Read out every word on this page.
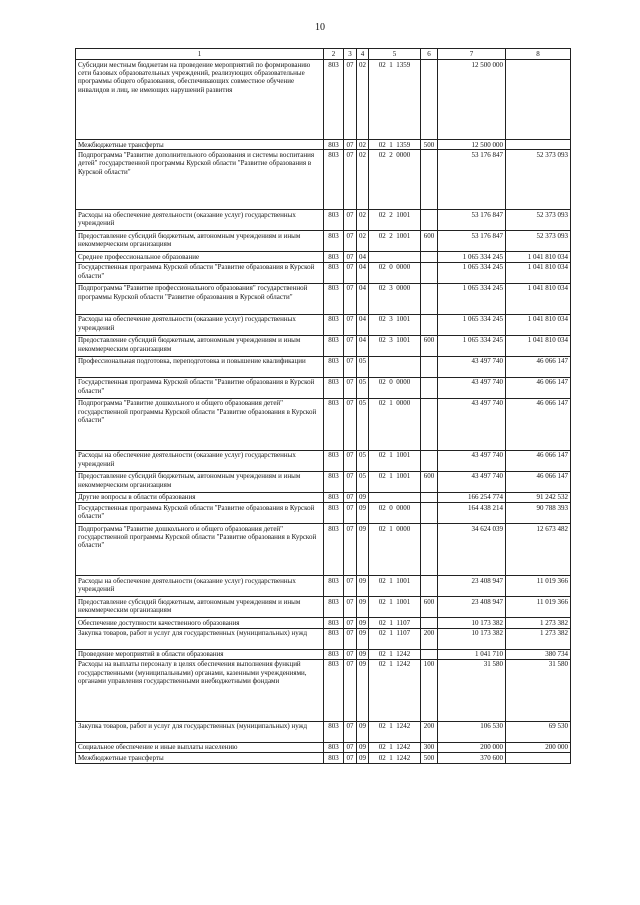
10
1	2	3	4	5	6	7	8
Субсидии местным бюджетам на проведение мероприятий по формированию сети базовых образовательных учреждений, реализующих образовательные программы общего образования, обеспечивающих совместное обучение инвалидов и лиц, не имеющих нарушений развития	803	07	02	02  1  1359		12 500 000	
Межбюджетные трансферты	803	07	02	02  1  1359	500	12 500 000	
Подпрограмма "Развитие дополнительного образования и системы воспитания детей" государственной программы Курской области "Развитие образования в Курской области"	803	07	02	02  2  0000		53 176 847	52 373 093
Расходы на обеспечение деятельности (оказание услуг) государственных учреждений	803	07	02	02  2  1001		53 176 847	52 373 093
Предоставление субсидий бюджетным, автономным учреждениям и иным некоммерческим организациям	803	07	02	02  2  1001	600	53 176 847	52 373 093
Среднее профессиональное образование	803	07	04			1 065 334 245	1 041 810 034
Государственная программа Курской области "Развитие образования в Курской области"	803	07	04	02  0  0000		1 065 334 245	1 041 810 034
Подпрограмма "Развитие профессионального образования" государственной программы Курской области "Развитие образования в Курской области"	803	07	04	02  3  0000		1 065 334 245	1 041 810 034
Расходы на обеспечение деятельности (оказание услуг) государственных учреждений	803	07	04	02  3  1001		1 065 334 245	1 041 810 034
Предоставление субсидий бюджетным, автономным учреждениям и иным некоммерческим организациям	803	07	04	02  3  1001	600	1 065 334 245	1 041 810 034
Профессиональная подготовка, переподготовка и повышение квалификации	803	07	05			43 497 740	46 066 147
Государственная программа Курской области "Развитие образования в Курской области"	803	07	05	02  0  0000		43 497 740	46 066 147
Подпрограмма "Развитие дошкольного и общего образования детей" государственной программы Курской области "Развитие образования в Курской области"	803	07	05	02  1  0000		43 497 740	46 066 147
Расходы на обеспечение деятельности (оказание услуг) государственных учреждений	803	07	05	02  1  1001		43 497 740	46 066 147
Предоставление субсидий бюджетным, автономным учреждениям и иным некоммерческим организациям	803	07	05	02  1  1001	600	43 497 740	46 066 147
Другие вопросы в области образования	803	07	09			166 254 774	91 242 532
Государственная программа Курской области "Развитие образования в Курской области"	803	07	09	02  0  0000		164 438 214	90 788 393
Подпрограмма "Развитие дошкольного и общего образования детей" государственной программы Курской области "Развитие образования в Курской области"	803	07	09	02  1  0000		34 624 039	12 673 482
Расходы на обеспечение деятельности (оказание услуг) государственных учреждений	803	07	09	02  1  1001		23 408 947	11 019 366
Предоставление субсидий бюджетным, автономным учреждениям и иным некоммерческим организациям	803	07	09	02  1  1001	600	23 408 947	11 019 366
Обеспечение доступности качественного образования	803	07	09	02  1  1107		10 173 382	1 273 382
Закупка товаров, работ и услуг для государственных (муниципальных) нужд	803	07	09	02  1  1107	200	10 173 382	1 273 382
Проведение мероприятий в области образования	803	07	09	02  1  1242		1 041 710	380 734
Расходы на выплаты персоналу в целях обеспечения выполнения функций государственными (муниципальными) органами, казенными учреждениями, органами управления государственными внебюджетными фондами	803	07	09	02  1  1242	100	31 580	31 580
Закупка товаров, работ и услуг для государственных (муниципальных) нужд	803	07	09	02  1  1242	200	106 530	69 530
Социальное обеспечение и иные выплаты населению	803	07	09	02  1  1242	300	200 000	200 000
Межбюджетные трансферты	803	07	09	02  1  1242	500	370 600	
